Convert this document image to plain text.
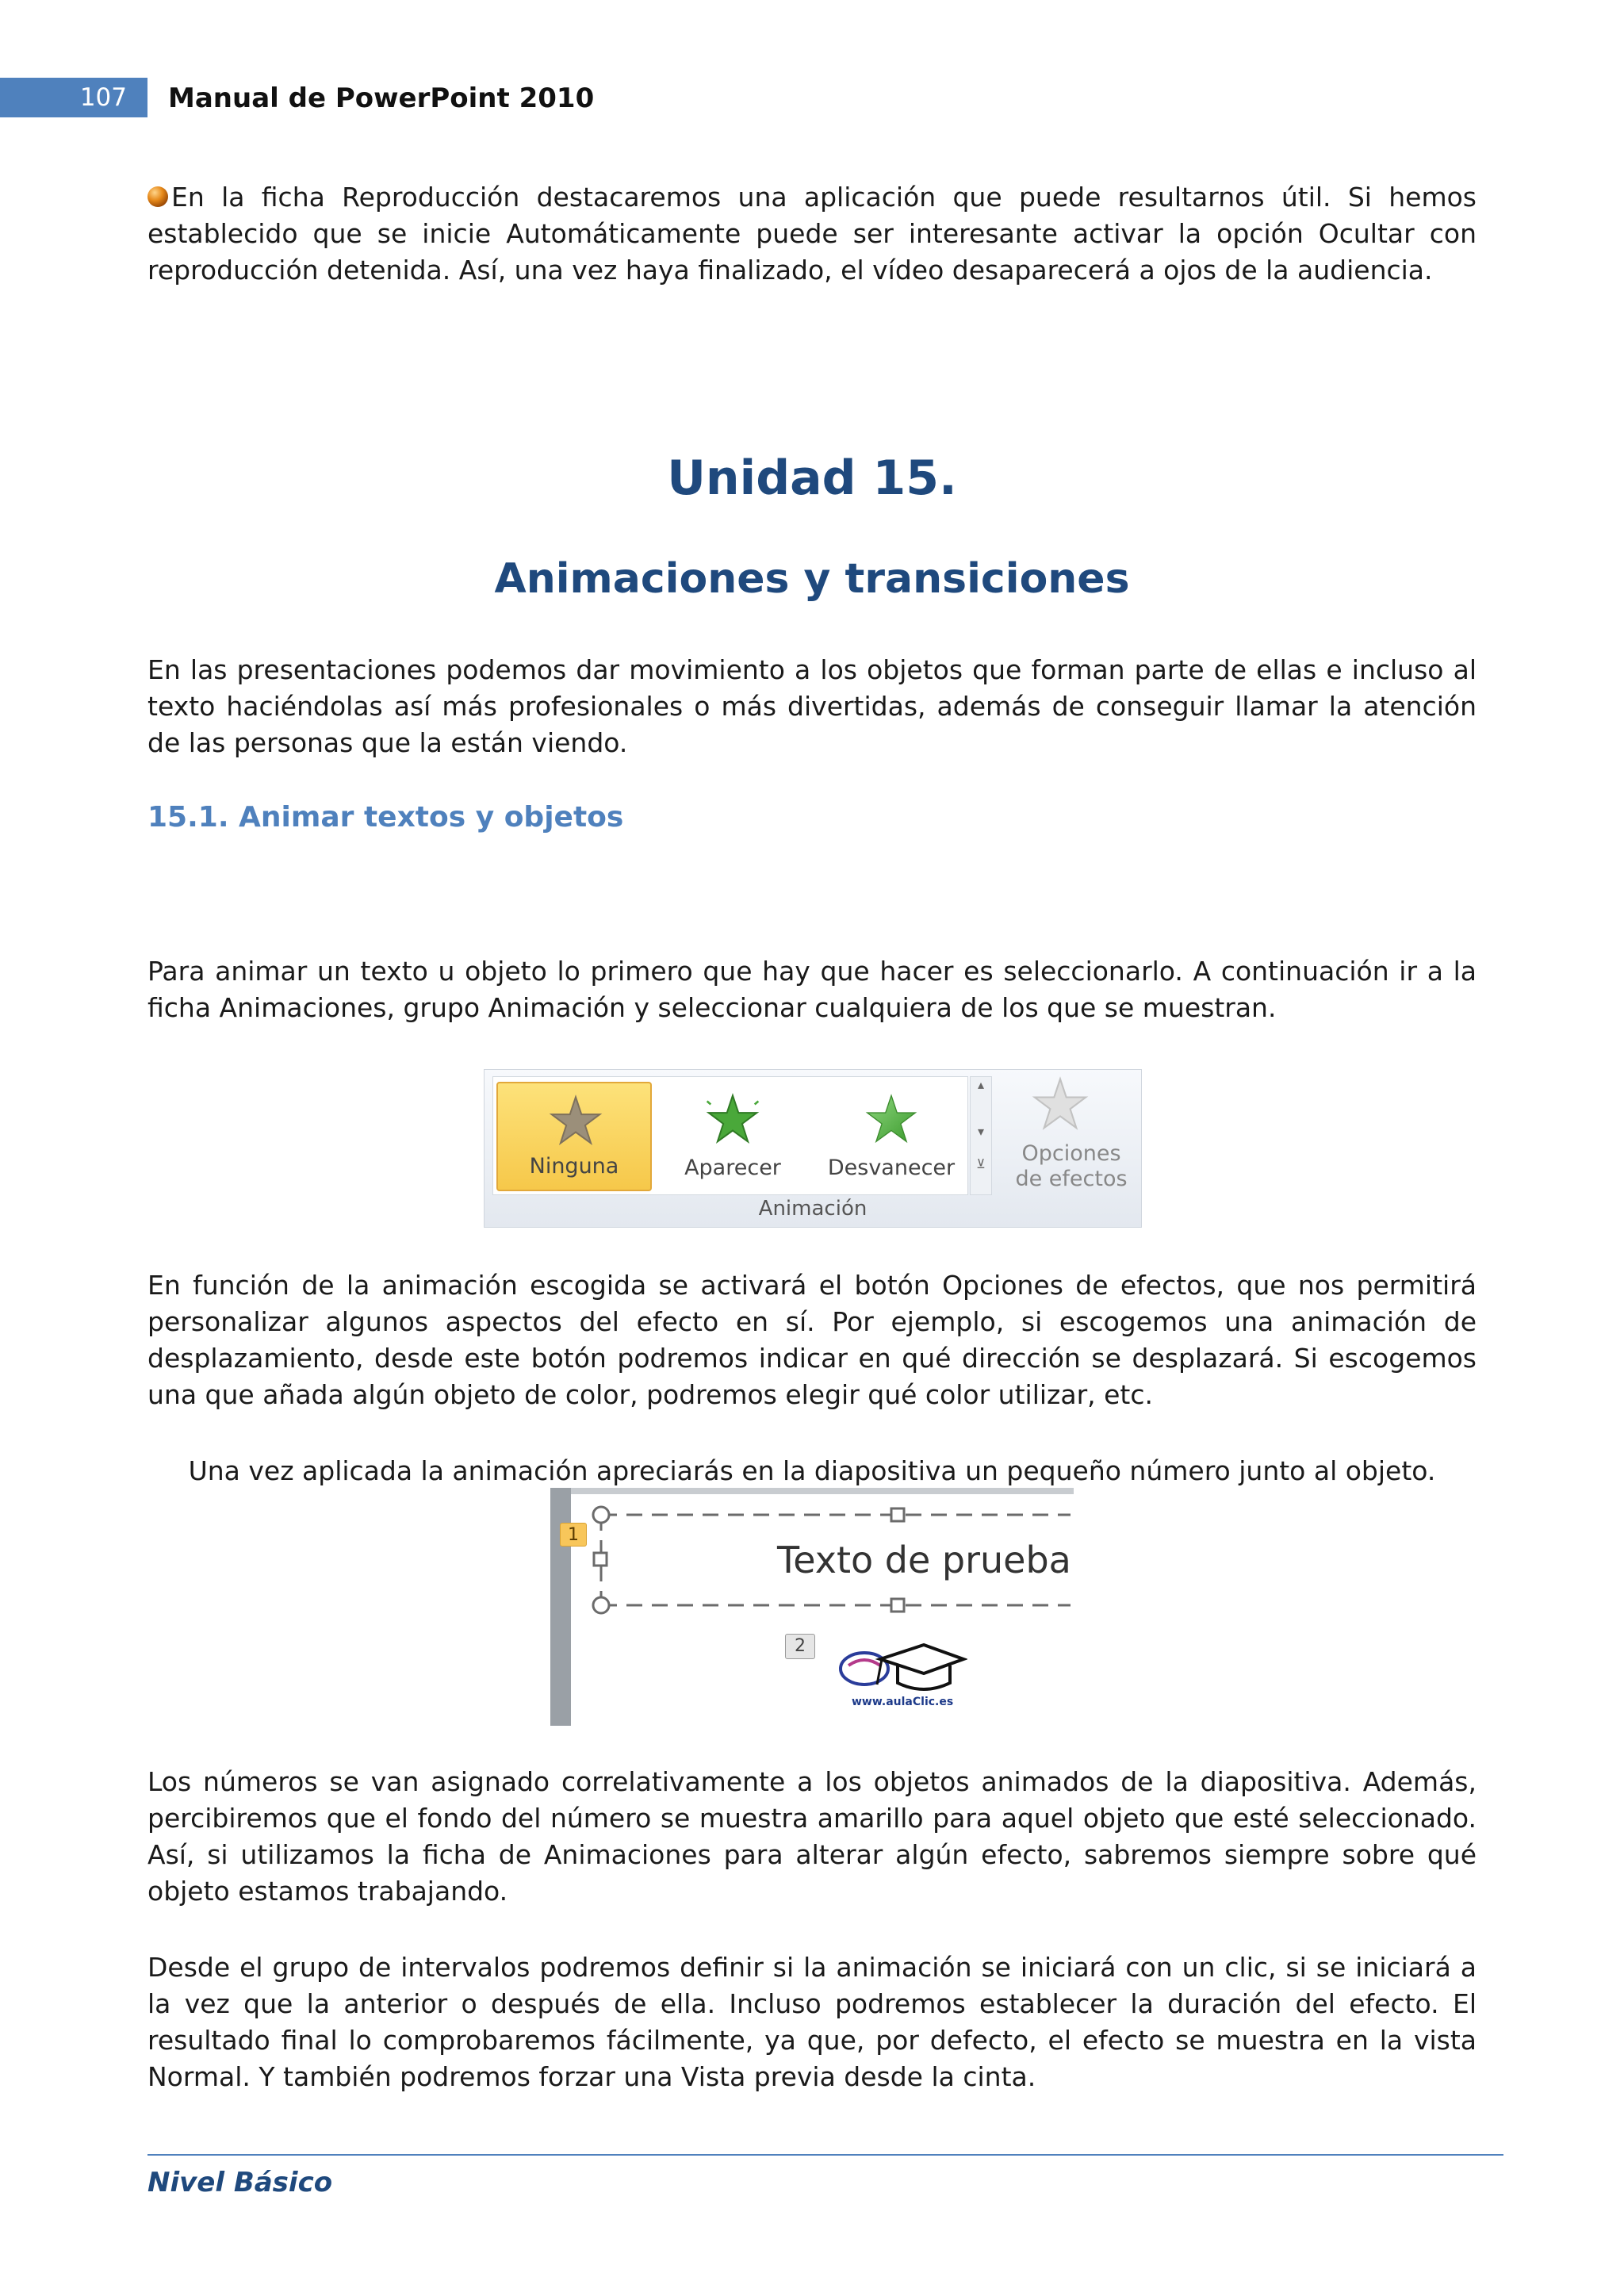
107 Manual de PowerPoint 2010

En la ficha Reproducción destacaremos una aplicación que puede resultarnos útil. Si hemos establecido que se inicie Automáticamente puede ser interesante activar la opción Ocultar con reproducción detenida. Así, una vez haya finalizado, el vídeo desaparecerá a ojos de la audiencia.

Unidad 15.
Animaciones y transiciones

En las presentaciones podemos dar movimiento a los objetos que forman parte de ellas e incluso al texto haciéndolas así más profesionales o más divertidas, además de conseguir llamar la atención de las personas que la están viendo.

15.1. Animar textos y objetos

Para animar un texto u objeto lo primero que hay que hacer es seleccionarlo. A continuación ir a la ficha Animaciones, grupo Animación y seleccionar cualquiera de los que se muestran.

Ninguna	Aparecer	Desvanecer
▴
▾
⊻	Opciones
de efectos
Animación

En función de la animación escogida se activará el botón Opciones de efectos, que nos permitirá personalizar algunos aspectos del efecto en sí. Por ejemplo, si escogemos una animación de desplazamiento, desde este botón podremos indicar en qué dirección se desplazará. Si escogemos una que añada algún objeto de color, podremos elegir qué color utilizar, etc.

Una vez aplicada la animación apreciarás en la diapositiva un pequeño número junto al objeto.

1
Texto de prueba
2
www.aulaClic.es

Los números se van asignado correlativamente a los objetos animados de la diapositiva. Además, percibiremos que el fondo del número se muestra amarillo para aquel objeto que esté seleccionado. Así, si utilizamos la ficha de Animaciones para alterar algún efecto, sabremos siempre sobre qué objeto estamos trabajando.

Desde el grupo de intervalos podremos definir si la animación se iniciará con un clic, si se iniciará a la vez que la anterior o después de ella. Incluso podremos establecer la duración del efecto. El resultado final lo comprobaremos fácilmente, ya que, por defecto, el efecto se muestra en la vista Normal. Y también podremos forzar una Vista previa desde la cinta.

Nivel Básico
